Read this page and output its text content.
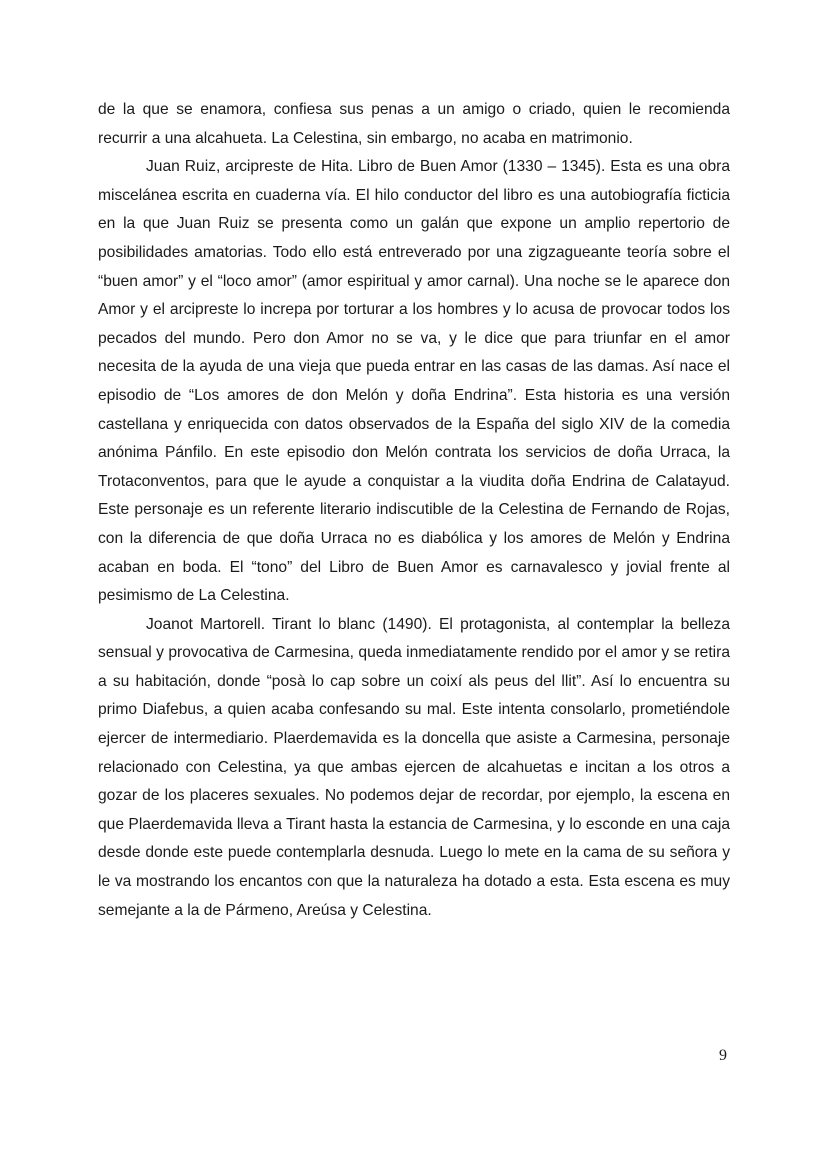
de la que se enamora, confiesa sus penas a un amigo o criado, quien le recomienda recurrir a una alcahueta. La Celestina, sin embargo, no acaba en matrimonio.

Juan Ruiz, arcipreste de Hita. Libro de Buen Amor (1330 – 1345). Esta es una obra miscelánea escrita en cuaderna vía. El hilo conductor del libro es una autobiografía ficticia en la que Juan Ruiz se presenta como un galán que expone un amplio repertorio de posibilidades amatorias. Todo ello está entreverado por una zigzagueante teoría sobre el “buen amor” y el “loco amor” (amor espiritual y amor carnal). Una noche se le aparece don Amor y el arcipreste lo increpa por torturar a los hombres y lo acusa de provocar todos los pecados del mundo. Pero don Amor no se va, y le dice que para triunfar en el amor necesita de la ayuda de una vieja que pueda entrar en las casas de las damas. Así nace el episodio de “Los amores de don Melón y doña Endrina”. Esta historia es una versión castellana y enriquecida con datos observados de la España del siglo XIV de la comedia anónima Pánfilo. En este episodio don Melón contrata los servicios de doña Urraca, la Trotaconventos, para que le ayude a conquistar a la viudita doña Endrina de Calatayud. Este personaje es un referente literario indiscutible de la Celestina de Fernando de Rojas, con la diferencia de que doña Urraca no es diabólica y los amores de Melón y Endrina acaban en boda. El “tono” del Libro de Buen Amor es carnavalesco y jovial frente al pesimismo de La Celestina.

Joanot Martorell. Tirant lo blanc (1490). El protagonista, al contemplar la belleza sensual y provocativa de Carmesina, queda inmediatamente rendido por el amor y se retira a su habitación, donde “posà lo cap sobre un coixí als peus del llit”. Así lo encuentra su primo Diafebus, a quien acaba confesando su mal. Este intenta consolarlo, prometiéndole ejercer de intermediario. Plaerdemavida es la doncella que asiste a Carmesina, personaje relacionado con Celestina, ya que ambas ejercen de alcahuetas e incitan a los otros a gozar de los placeres sexuales. No podemos dejar de recordar, por ejemplo, la escena en que Plaerdemavida lleva a Tirant hasta la estancia de Carmesina, y lo esconde en una caja desde donde este puede contemplarla desnuda. Luego lo mete en la cama de su señora y le va mostrando los encantos con que la naturaleza ha dotado a esta. Esta escena es muy semejante a la de Pármeno, Areúsa y Celestina.

9
